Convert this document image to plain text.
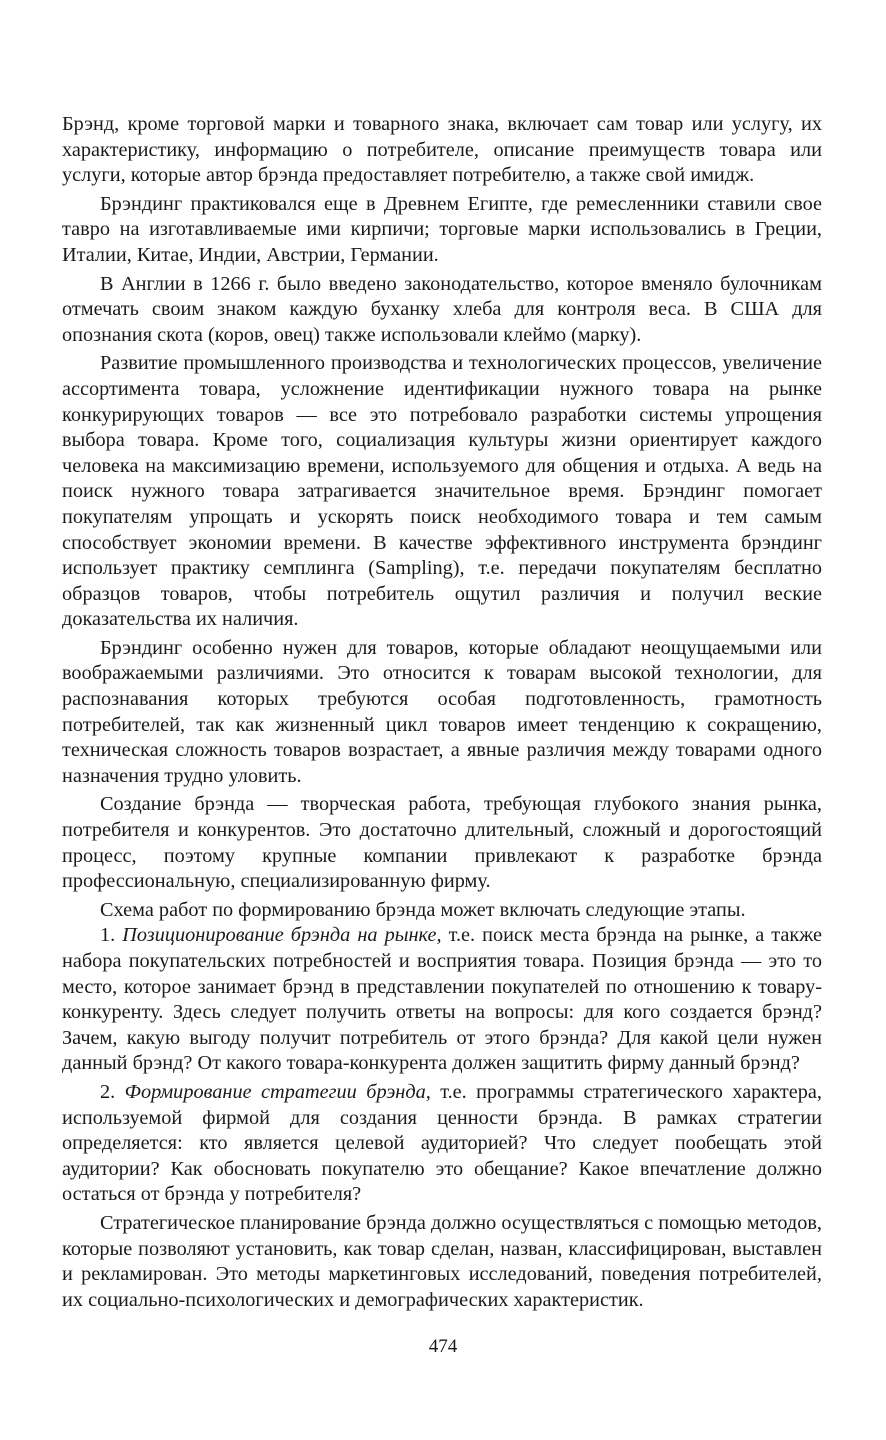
Брэнд, кроме торговой марки и товарного знака, включает сам товар или услугу, их характеристику, информацию о потребителе, описание преимуществ товара или услуги, которые автор брэнда предоставляет потребителю, а также свой имидж.

Брэндинг практиковался еще в Древнем Египте, где ремесленники ставили свое тавро на изготавливаемые ими кирпичи; торговые марки использовались в Греции, Италии, Китае, Индии, Австрии, Германии.

В Англии в 1266 г. было введено законодательство, которое вменяло булочникам отмечать своим знаком каждую буханку хлеба для контроля веса. В США для опознания скота (коров, овец) также использовали клеймо (марку).

Развитие промышленного производства и технологических процессов, увеличение ассортимента товара, усложнение идентификации нужного товара на рынке конкурирующих товаров — все это потребовало разработки системы упрощения выбора товара. Кроме того, социализация культуры жизни ориентирует каждого человека на максимизацию времени, используемого для общения и отдыха. А ведь на поиск нужного товара затрагивается значительное время. Брэндинг помогает покупателям упрощать и ускорять поиск необходимого товара и тем самым способствует экономии времени. В качестве эффективного инструмента брэндинг использует практику семплинга (Sampling), т.е. передачи покупателям бесплатно образцов товаров, чтобы потребитель ощутил различия и получил веские доказательства их наличия.

Брэндинг особенно нужен для товаров, которые обладают неощущаемыми или воображаемыми различиями. Это относится к товарам высокой технологии, для распознавания которых требуются особая подготовленность, грамотность потребителей, так как жизненный цикл товаров имеет тенденцию к сокращению, техническая сложность товаров возрастает, а явные различия между товарами одного назначения трудно уловить.

Создание брэнда — творческая работа, требующая глубокого знания рынка, потребителя и конкурентов. Это достаточно длительный, сложный и дорогостоящий процесс, поэтому крупные компании привлекают к разработке брэнда профессиональную, специализированную фирму.

Схема работ по формированию брэнда может включать следующие этапы.

1. Позиционирование брэнда на рынке, т.е. поиск места брэнда на рынке, а также набора покупательских потребностей и восприятия товара. Позиция брэнда — это то место, которое занимает брэнд в представлении покупателей по отношению к товару-конкуренту. Здесь следует получить ответы на вопросы: для кого создается брэнд? Зачем, какую выгоду получит потребитель от этого брэнда? Для какой цели нужен данный брэнд? От какого товара-конкурента должен защитить фирму данный брэнд?

2. Формирование стратегии брэнда, т.е. программы стратегического характера, используемой фирмой для создания ценности брэнда. В рамках стратегии определяется: кто является целевой аудиторией? Что следует пообещать этой аудитории? Как обосновать покупателю это обещание? Какое впечатление должно остаться от брэнда у потребителя?

Стратегическое планирование брэнда должно осуществляться с помощью методов, которые позволяют установить, как товар сделан, назван, классифицирован, выставлен и рекламирован. Это методы маркетинговых исследований, поведения потребителей, их социально-психологических и демографических характеристик.

474
